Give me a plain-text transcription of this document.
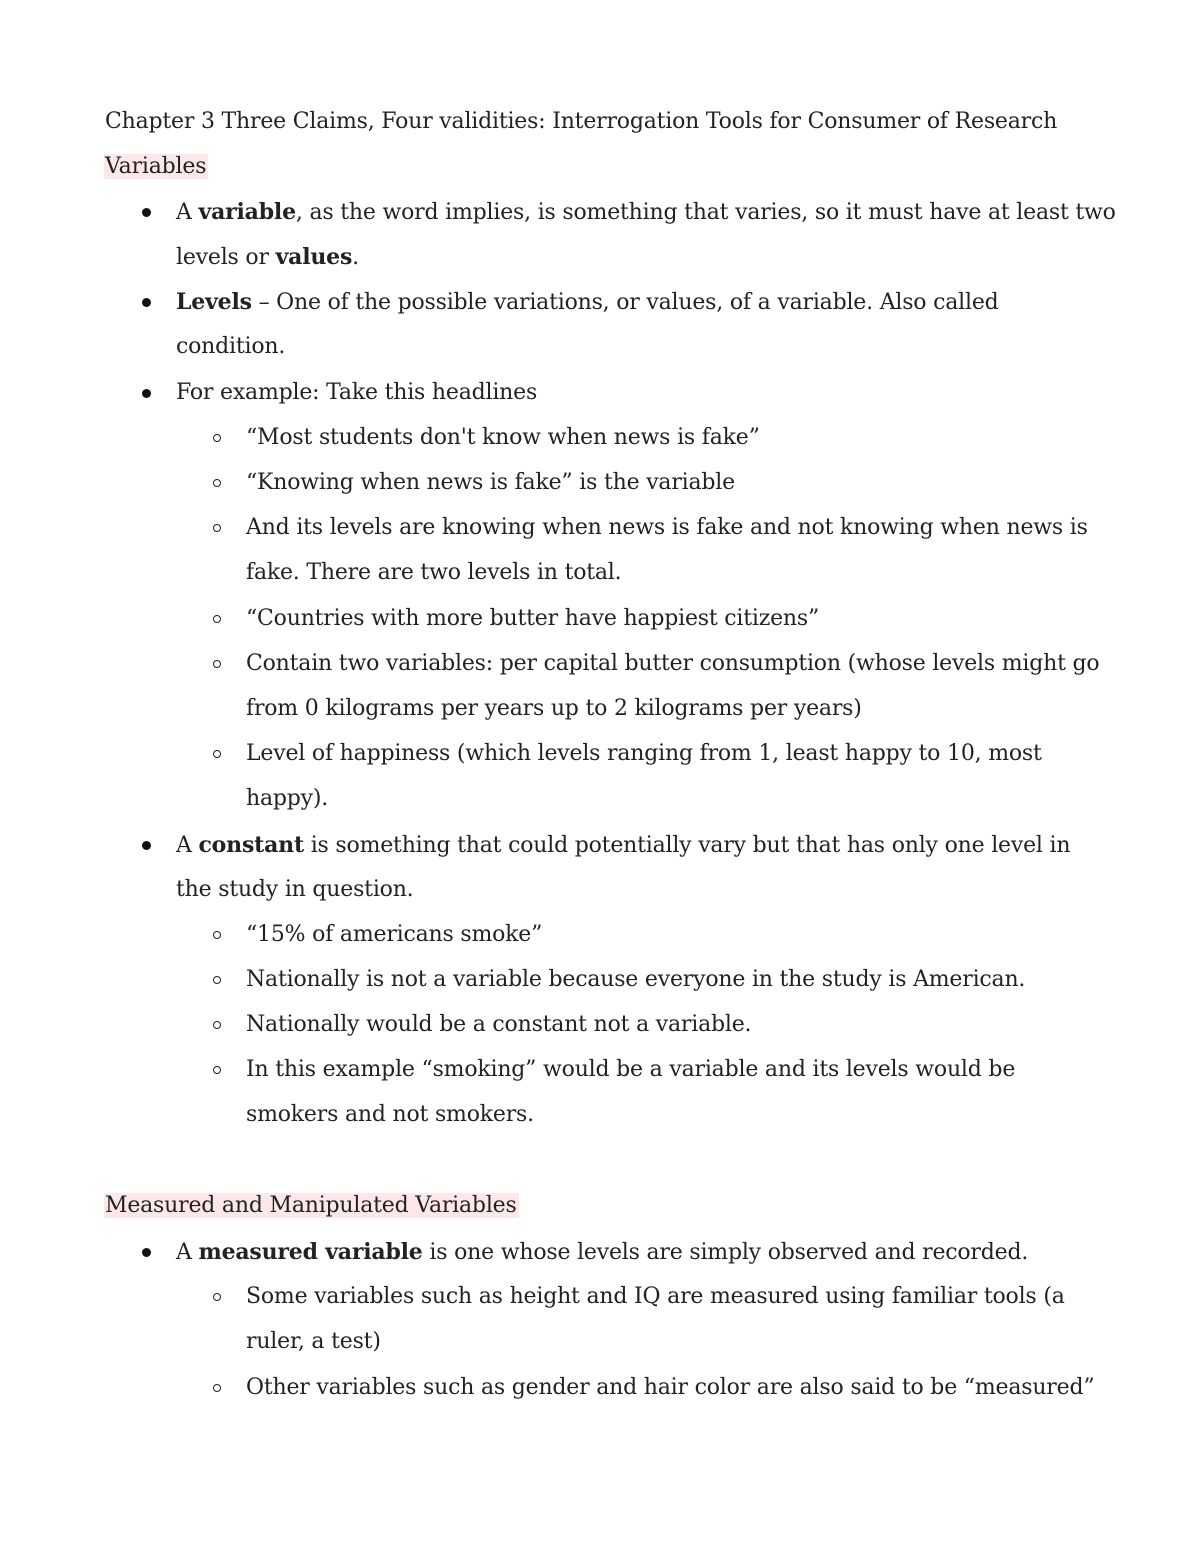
Chapter 3 Three Claims, Four validities: Interrogation Tools for Consumer of Research
Variables
A variable, as the word implies, is something that varies, so it must have at least two
levels or values.
Levels – One of the possible variations, or values, of a variable. Also called
condition.
For example: Take this headlines
“Most students don't know when news is fake”
“Knowing when news is fake” is the variable
And its levels are knowing when news is fake and not knowing when news is
fake. There are two levels in total.
“Countries with more butter have happiest citizens”
Contain two variables: per capital butter consumption (whose levels might go
from 0 kilograms per years up to 2 kilograms per years)
Level of happiness (which levels ranging from 1, least happy to 10, most
happy).
A constant is something that could potentially vary but that has only one level in
the study in question.
“15% of americans smoke”
Nationally is not a variable because everyone in the study is American.
Nationally would be a constant not a variable.
In this example “smoking” would be a variable and its levels would be
smokers and not smokers.
Measured and Manipulated Variables
A measured variable is one whose levels are simply observed and recorded.
Some variables such as height and IQ are measured using familiar tools (a
ruler, a test)
Other variables such as gender and hair color are also said to be “measured”
